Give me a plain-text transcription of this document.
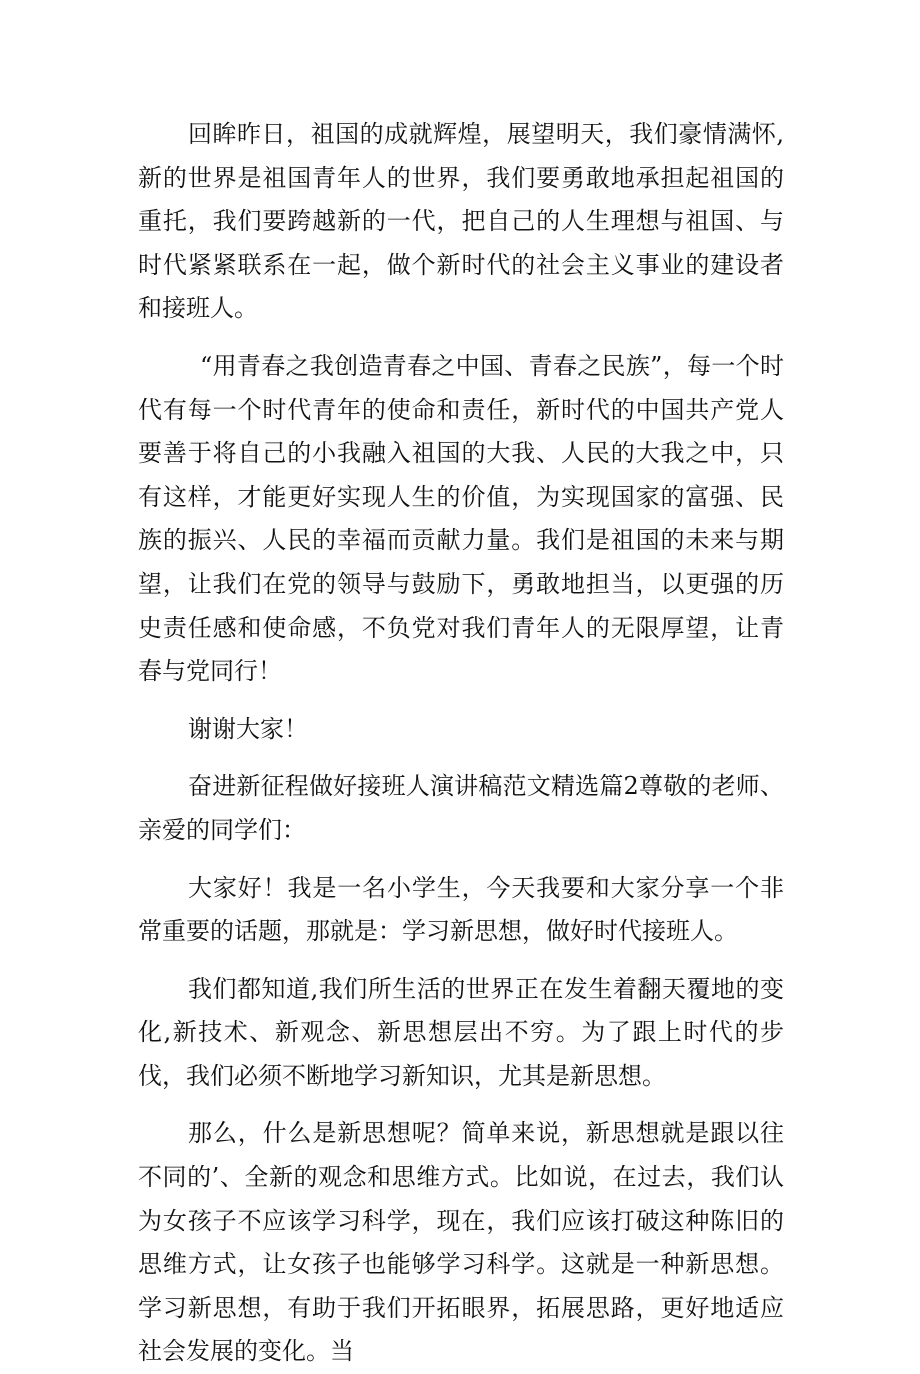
回眸昨日，祖国的成就辉煌，展望明天，我们豪情满怀,新的世界是祖国青年人的世界，我们要勇敢地承担起祖国的重托，我们要跨越新的一代，把自己的人生理想与祖国、与时代紧紧联系在一起，做个新时代的社会主义事业的建设者和接班人。

“用青春之我创造青春之中国、青春之民族”，每一个时代有每一个时代青年的使命和责任，新时代的中国共产党人要善于将自己的小我融入祖国的大我、人民的大我之中，只有这样，才能更好实现人生的价值，为实现国家的富强、民族的振兴、人民的幸福而贡献力量。我们是祖国的未来与期望，让我们在党的领导与鼓励下，勇敢地担当，以更强的历史责任感和使命感，不负党对我们青年人的无限厚望，让青春与党同行！

谢谢大家！

奋进新征程做好接班人演讲稿范文精选篇2尊敬的老师、亲爱的同学们：

大家好！我是一名小学生，今天我要和大家分享一个非常重要的话题，那就是：学习新思想，做好时代接班人。

我们都知道,我们所生活的世界正在发生着翻天覆地的变化,新技术、新观念、新思想层出不穷。为了跟上时代的步伐，我们必须不断地学习新知识，尤其是新思想。

那么，什么是新思想呢？简单来说，新思想就是跟以往不同的’、全新的观念和思维方式。比如说，在过去，我们认为女孩子不应该学习科学，现在，我们应该打破这种陈旧的思维方式，让女孩子也能够学习科学。这就是一种新思想。学习新思想，有助于我们开拓眼界，拓展思路，更好地适应社会发展的变化。当
